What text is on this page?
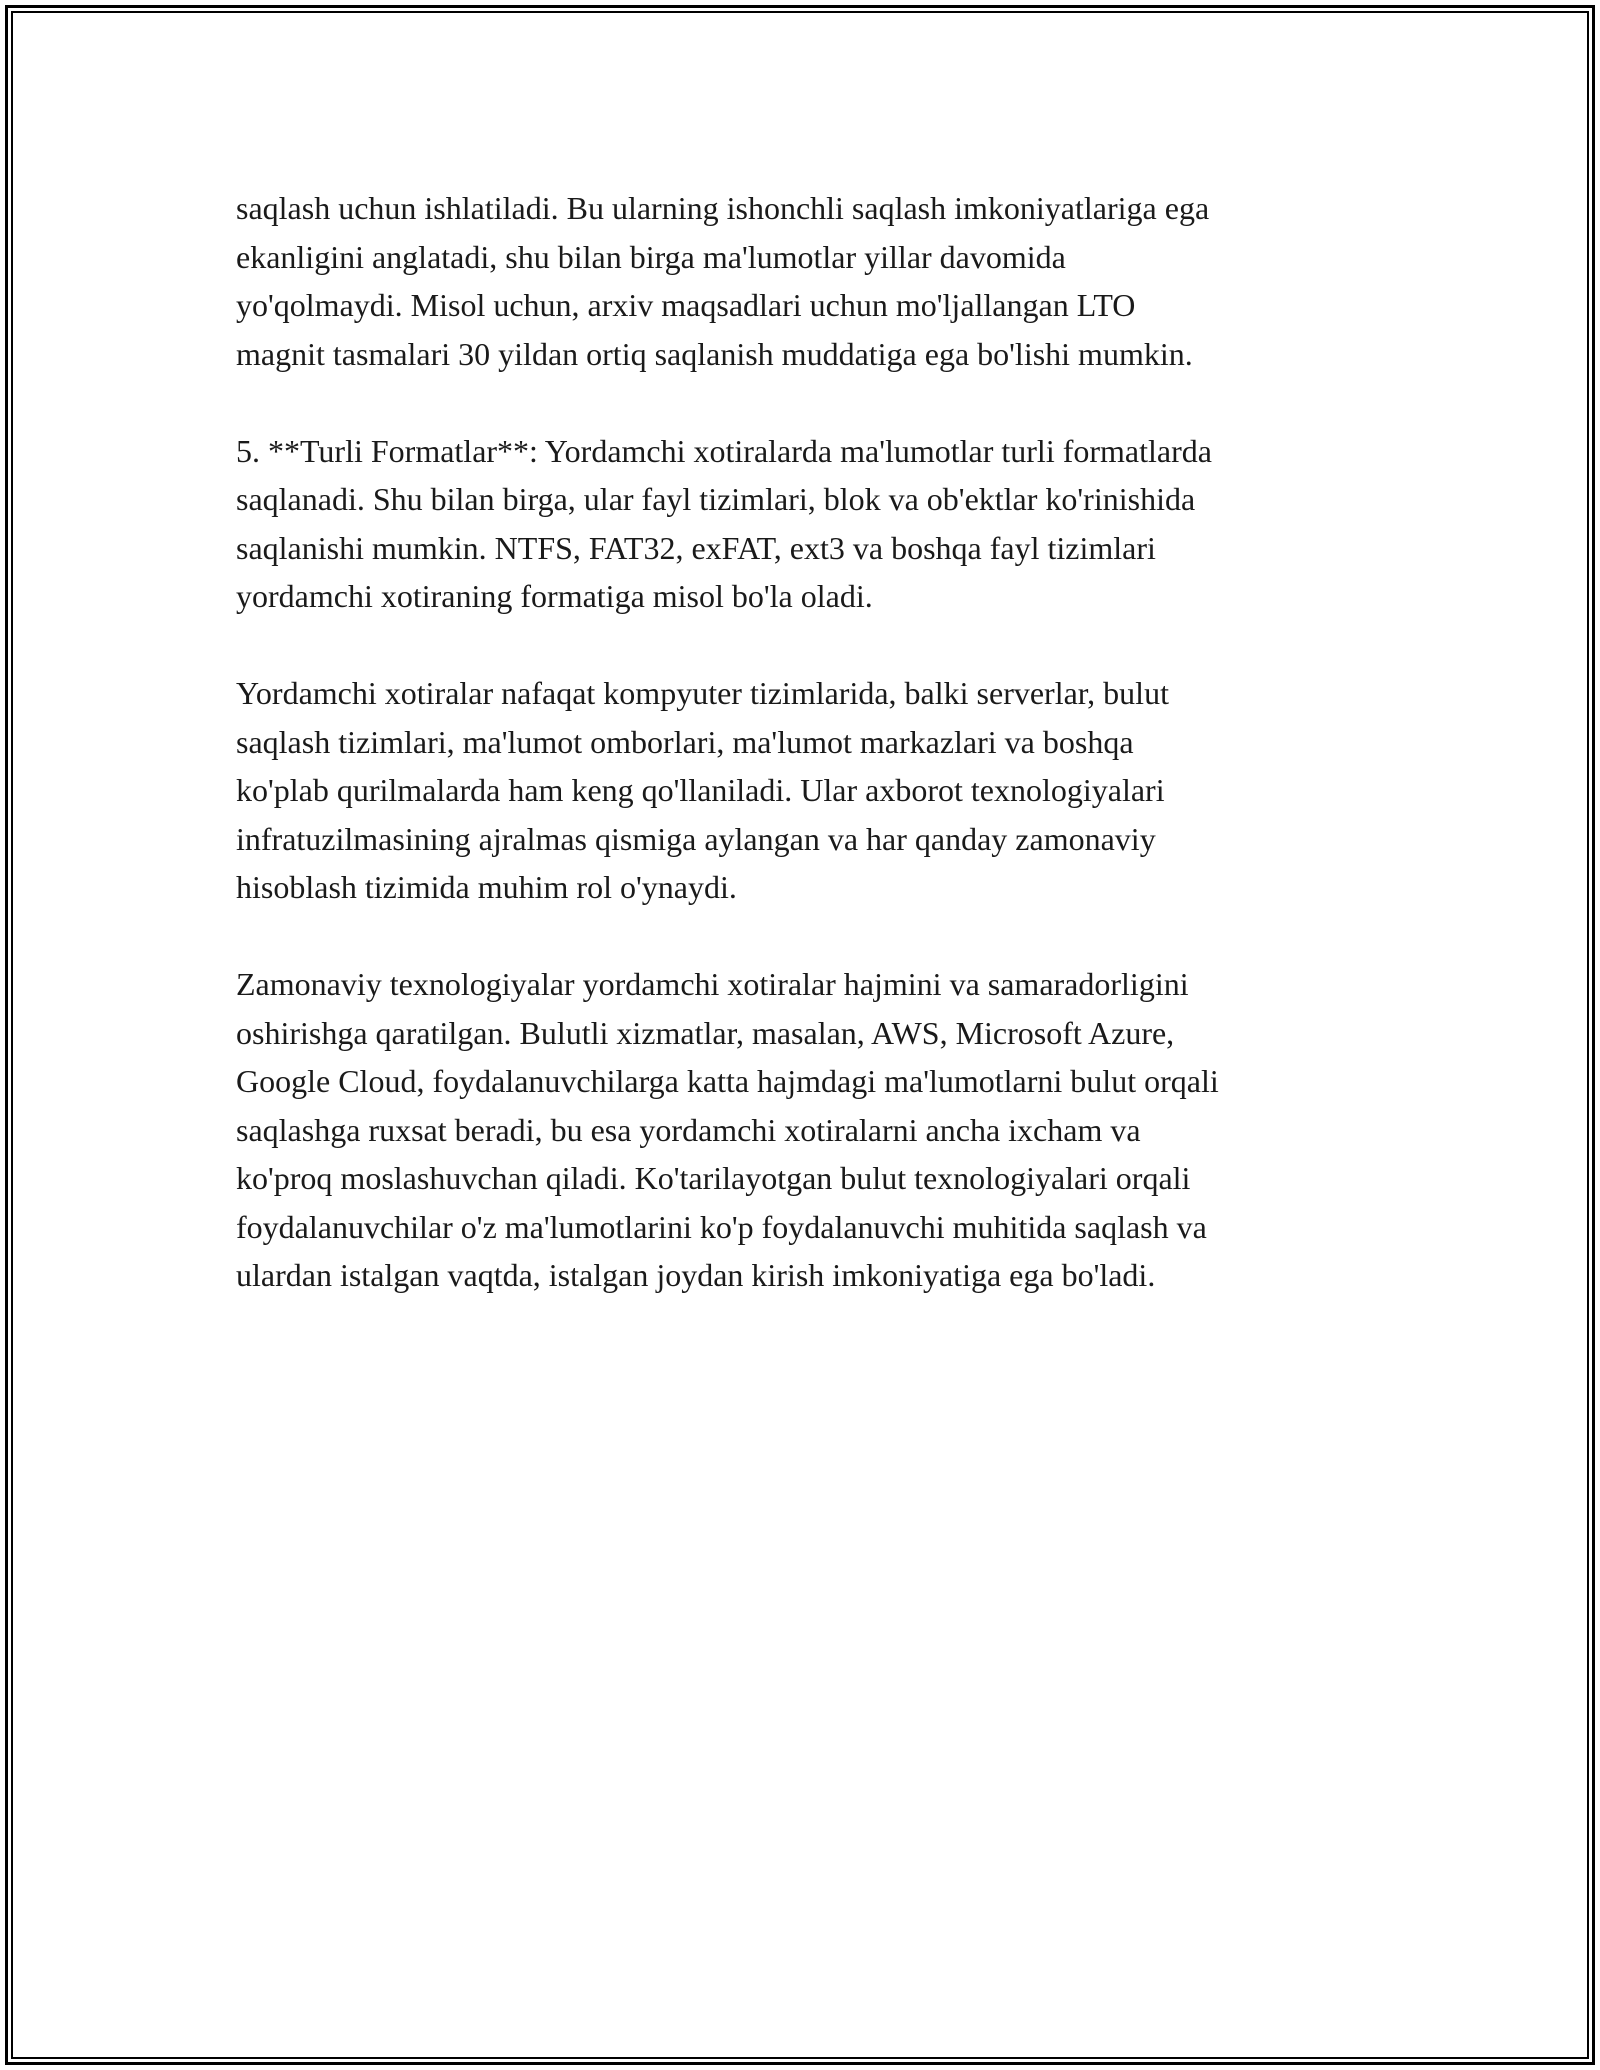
saqlash uchun ishlatiladi. Bu ularning ishonchli saqlash imkoniyatlariga ega
ekanligini anglatadi, shu bilan birga ma'lumotlar yillar davomida
yo'qolmaydi. Misol uchun, arxiv maqsadlari uchun mo'ljallangan LTO
magnit tasmalari 30 yildan ortiq saqlanish muddatiga ega bo'lishi mumkin.

5. **Turli Formatlar**: Yordamchi xotiralarda ma'lumotlar turli formatlarda
saqlanadi. Shu bilan birga, ular fayl tizimlari, blok va ob'ektlar ko'rinishida
saqlanishi mumkin. NTFS, FAT32, exFAT, ext3 va boshqa fayl tizimlari
yordamchi xotiraning formatiga misol bo'la oladi.

Yordamchi xotiralar nafaqat kompyuter tizimlarida, balki serverlar, bulut
saqlash tizimlari, ma'lumot omborlari, ma'lumot markazlari va boshqa
ko'plab qurilmalarda ham keng qo'llaniladi. Ular axborot texnologiyalari
infratuzilmasining ajralmas qismiga aylangan va har qanday zamonaviy
hisoblash tizimida muhim rol o'ynaydi.

Zamonaviy texnologiyalar yordamchi xotiralar hajmini va samaradorligini
oshirishga qaratilgan. Bulutli xizmatlar, masalan, AWS, Microsoft Azure,
Google Cloud, foydalanuvchilarga katta hajmdagi ma'lumotlarni bulut orqali
saqlashga ruxsat beradi, bu esa yordamchi xotiralarni ancha ixcham va
ko'proq moslashuvchan qiladi. Ko'tarilayotgan bulut texnologiyalari orqali
foydalanuvchilar o'z ma'lumotlarini ko'p foydalanuvchi muhitida saqlash va
ulardan istalgan vaqtda, istalgan joydan kirish imkoniyatiga ega bo'ladi.
